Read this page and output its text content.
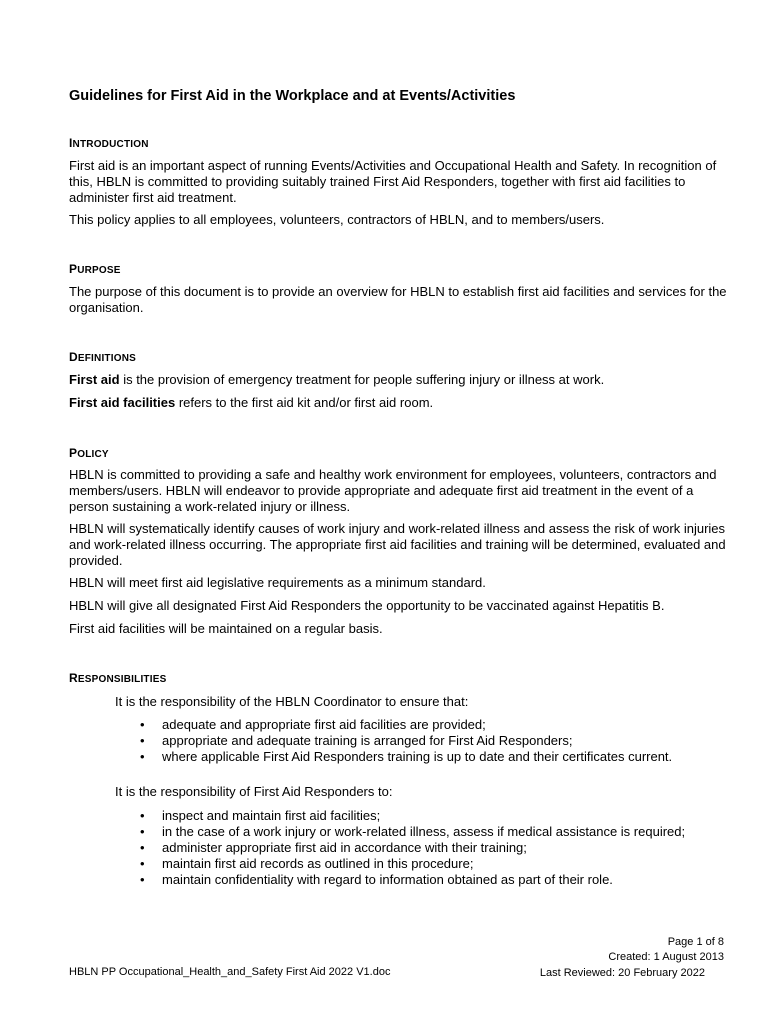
Guidelines for First Aid in the Workplace and at Events/Activities
INTRODUCTION

First aid is an important aspect of running Events/Activities and Occupational Health and Safety. In recognition of this, HBLN is committed to providing suitably trained First Aid Responders, together with first aid facilities to administer first aid treatment.

This policy applies to all employees, volunteers, contractors of HBLN, and to members/users.

PURPOSE

The purpose of this document is to provide an overview for HBLN to establish first aid facilities and services for the organisation.

DEFINITIONS

First aid is the provision of emergency treatment for people suffering injury or illness at work.

First aid facilities refers to the first aid kit and/or first aid room.

POLICY

HBLN is committed to providing a safe and healthy work environment for employees, volunteers, contractors and members/users. HBLN will endeavor to provide appropriate and adequate first aid treatment in the event of a person sustaining a work-related injury or illness.

HBLN will systematically identify causes of work injury and work-related illness and assess the risk of work injuries and work-related illness occurring. The appropriate first aid facilities and training will be determined, evaluated and provided.

HBLN will meet first aid legislative requirements as a minimum standard.

HBLN will give all designated First Aid Responders the opportunity to be vaccinated against Hepatitis B.

First aid facilities will be maintained on a regular basis.

RESPONSIBILITIES
It is the responsibility of the HBLN Coordinator to ensure that:
• adequate and appropriate first aid facilities are provided;
• appropriate and adequate training is arranged for First Aid Responders;
• where applicable First Aid Responders training is up to date and their certificates current.
It is the responsibility of First Aid Responders to:
• inspect and maintain first aid facilities;
• in the case of a work injury or work-related illness, assess if medical assistance is required;
• administer appropriate first aid in accordance with their training;
• maintain first aid records as outlined in this procedure;
• maintain confidentiality with regard to information obtained as part of their role.
Page 1 of 8
Created: 1 August 2013
Last Reviewed: 20 February 2022
HBLN PP Occupational_Health_and_Safety First Aid 2022 V1.doc
